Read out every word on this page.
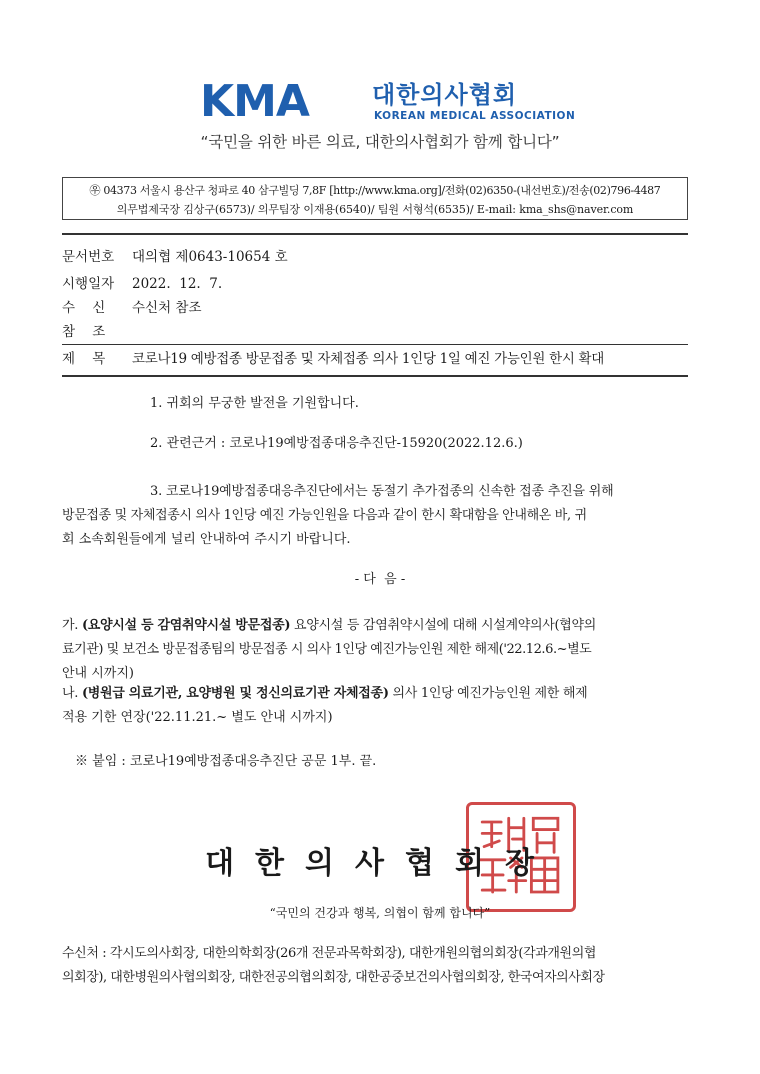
KMA	대한의사협회
KOREAN MEDICAL ASSOCIATION
“국민을 위한 바른 의료, 대한의사협회가 함께 합니다”
㉾ 04373 서울시 용산구 청파로 40 삼구빌딩 7,8F [http://www.kma.org]/전화(02)6350-(내선번호)/전송(02)796-4487
의무법제국장 김상구(6573)/ 의무팀장 이재용(6540)/ 팀원 서형석(6535)/ E-mail: kma_shs@naver.com
문서번호 대의협 제0643-10654 호
시행일자 2022.  12.  7.
수    신 수신처 참조
참    조
제    목 코로나19 예방접종 방문접종 및 자체접종 의사 1인당 1일 예진 가능인원 한시 확대
1. 귀회의 무궁한 발전을 기원합니다.
2. 관련근거 : 코로나19예방접종대응추진단-15920(2022.12.6.)
3. 코로나19예방접종대응추진단에서는 동절기 추가접종의 신속한 접종 추진을 위해
방문접종 및 자체접종시 의사 1인당 예진 가능인원을 다음과 같이 한시 확대함을 안내해온 바, 귀
회 소속회원들에게 널리 안내하여 주시기 바랍니다.
- 다  음 -
가. (요양시설 등 감염취약시설 방문접종) 요양시설 등 감염취약시설에 대해 시설계약의사(협약의
료기관) 및 보건소 방문접종팀의 방문접종 시 의사 1인당 예진가능인원 제한 해제('22.12.6.~별도
안내 시까지)
나. (병원급 의료기관, 요양병원 및 정신의료기관 자체접종) 의사 1인당 예진가능인원 제한 해제
적용 기한 연장('22.11.21.~ 별도 안내 시까지)
※ 붙임 : 코로나19예방접종대응추진단 공문 1부. 끝.
대한의사협회장
“국민의 건강과 행복, 의협이 함께 합니다”
수신처 : 각시도의사회장, 대한의학회장(26개 전문과목학회장), 대한개원의협의회장(각과개원의협
의회장), 대한병원의사협의회장, 대한전공의협의회장, 대한공중보건의사협의회장, 한국여자의사회장
